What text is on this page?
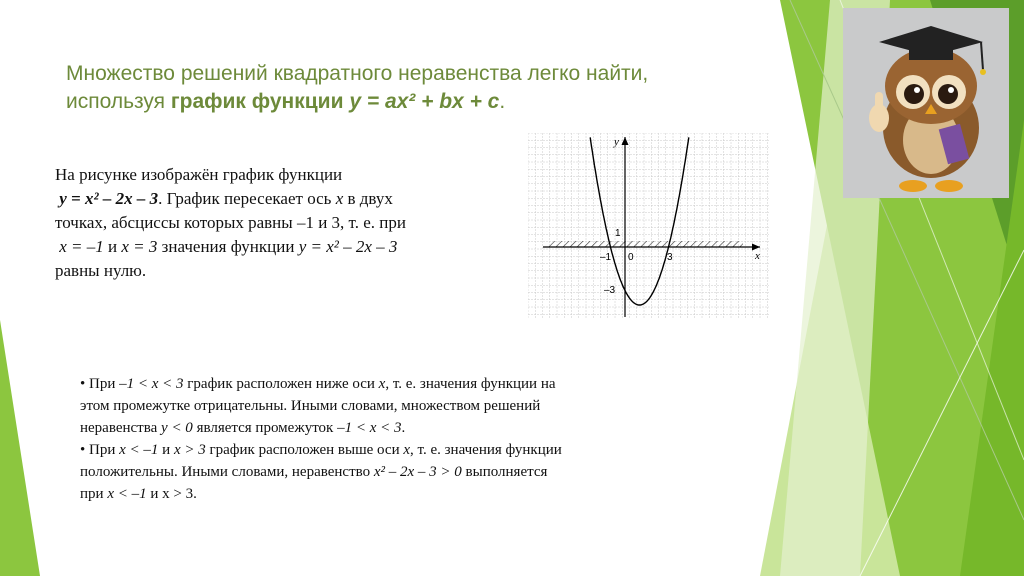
Множество решений квадратного неравенства легко найти,
используя график функции y = ax² + bx + c.
На рисунке изображён график функции
y = x² – 2x – 3. График пересекает ось x в двух
точках, абсциссы которых равны –1 и 3, т. е. при
x = –1 и x = 3 значения функции y = x² – 2x – 3
равны нулю.
y
x
1
–1 0	3
–3

• При –1 < x < 3 график расположен ниже оси x, т. е. значения функции на
этом промежутке отрицательны. Иными словами, множеством решений
неравенства y < 0 является промежуток –1 < x < 3.

• При x < –1 и x > 3 график расположен выше оси x, т. е. значения функции
положительны. Иными словами, неравенство x² – 2x – 3 > 0 выполняется
при x < –1 и x > 3.
